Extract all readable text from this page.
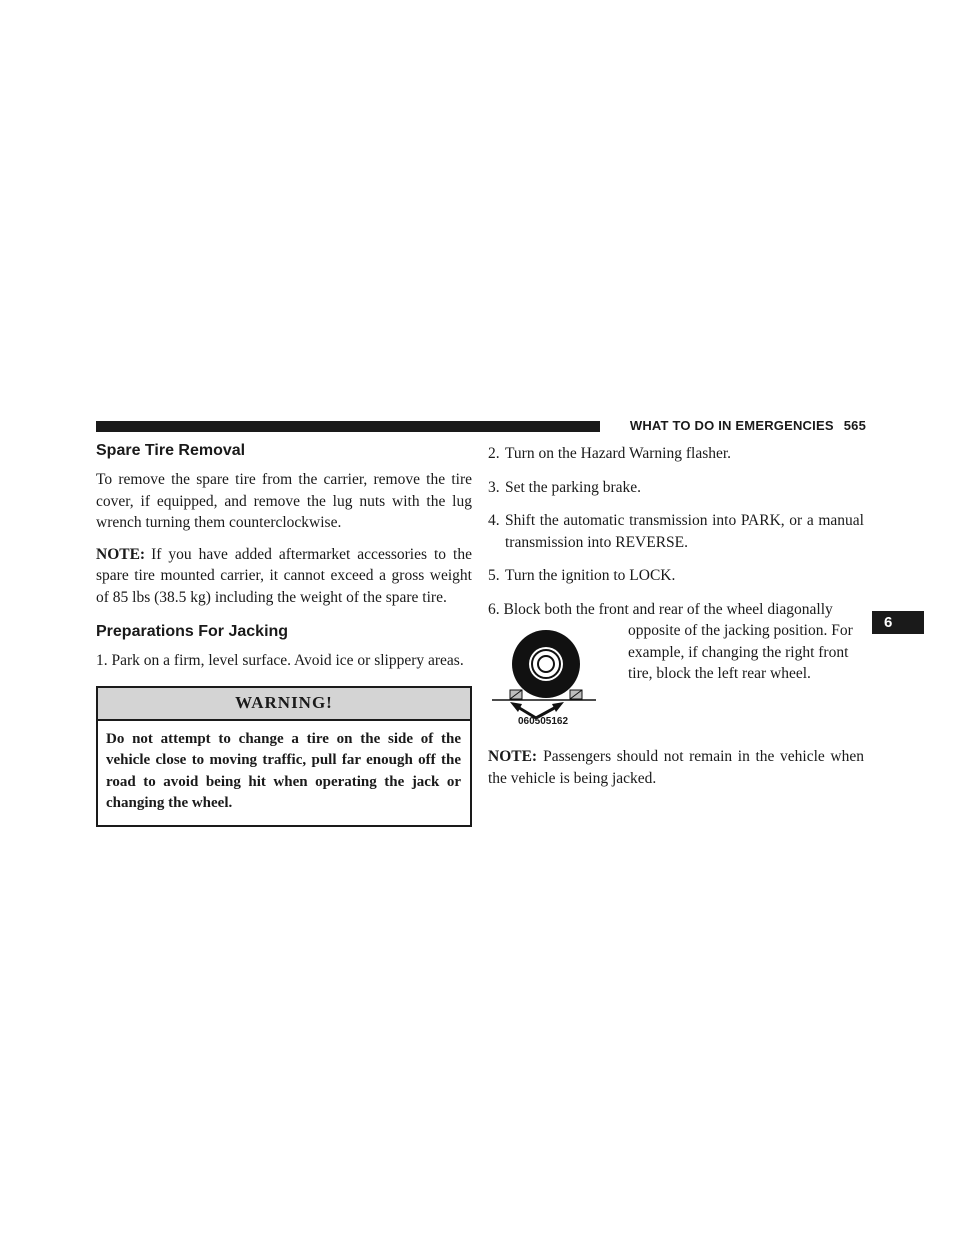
WHAT TO DO IN EMERGENCIES 565
Spare Tire Removal

To remove the spare tire from the carrier, remove the tire cover, if equipped, and remove the lug nuts with the lug wrench turning them counterclockwise.

NOTE: If you have added aftermarket accessories to the spare tire mounted carrier, it cannot exceed a gross weight of 85 lbs (38.5 kg) including the weight of the spare tire.

Preparations For Jacking

1. Park on a firm, level surface. Avoid ice or slippery areas.

WARNING!
Do not attempt to change a tire on the side of the vehicle close to moving traffic, pull far enough off the road to avoid being hit when operating the jack or changing the wheel.
2. Turn on the Hazard Warning flasher.
3. Set the parking brake.
4. Shift the automatic transmission into PARK, or a manual transmission into REVERSE.
5. Turn the ignition to LOCK.

6. Block both the front and rear of the wheel diagonally

060505162

opposite of the jacking position. For example, if changing the right front tire, block the left rear wheel.

NOTE: Passengers should not remain in the vehicle when the vehicle is being jacked.

6
